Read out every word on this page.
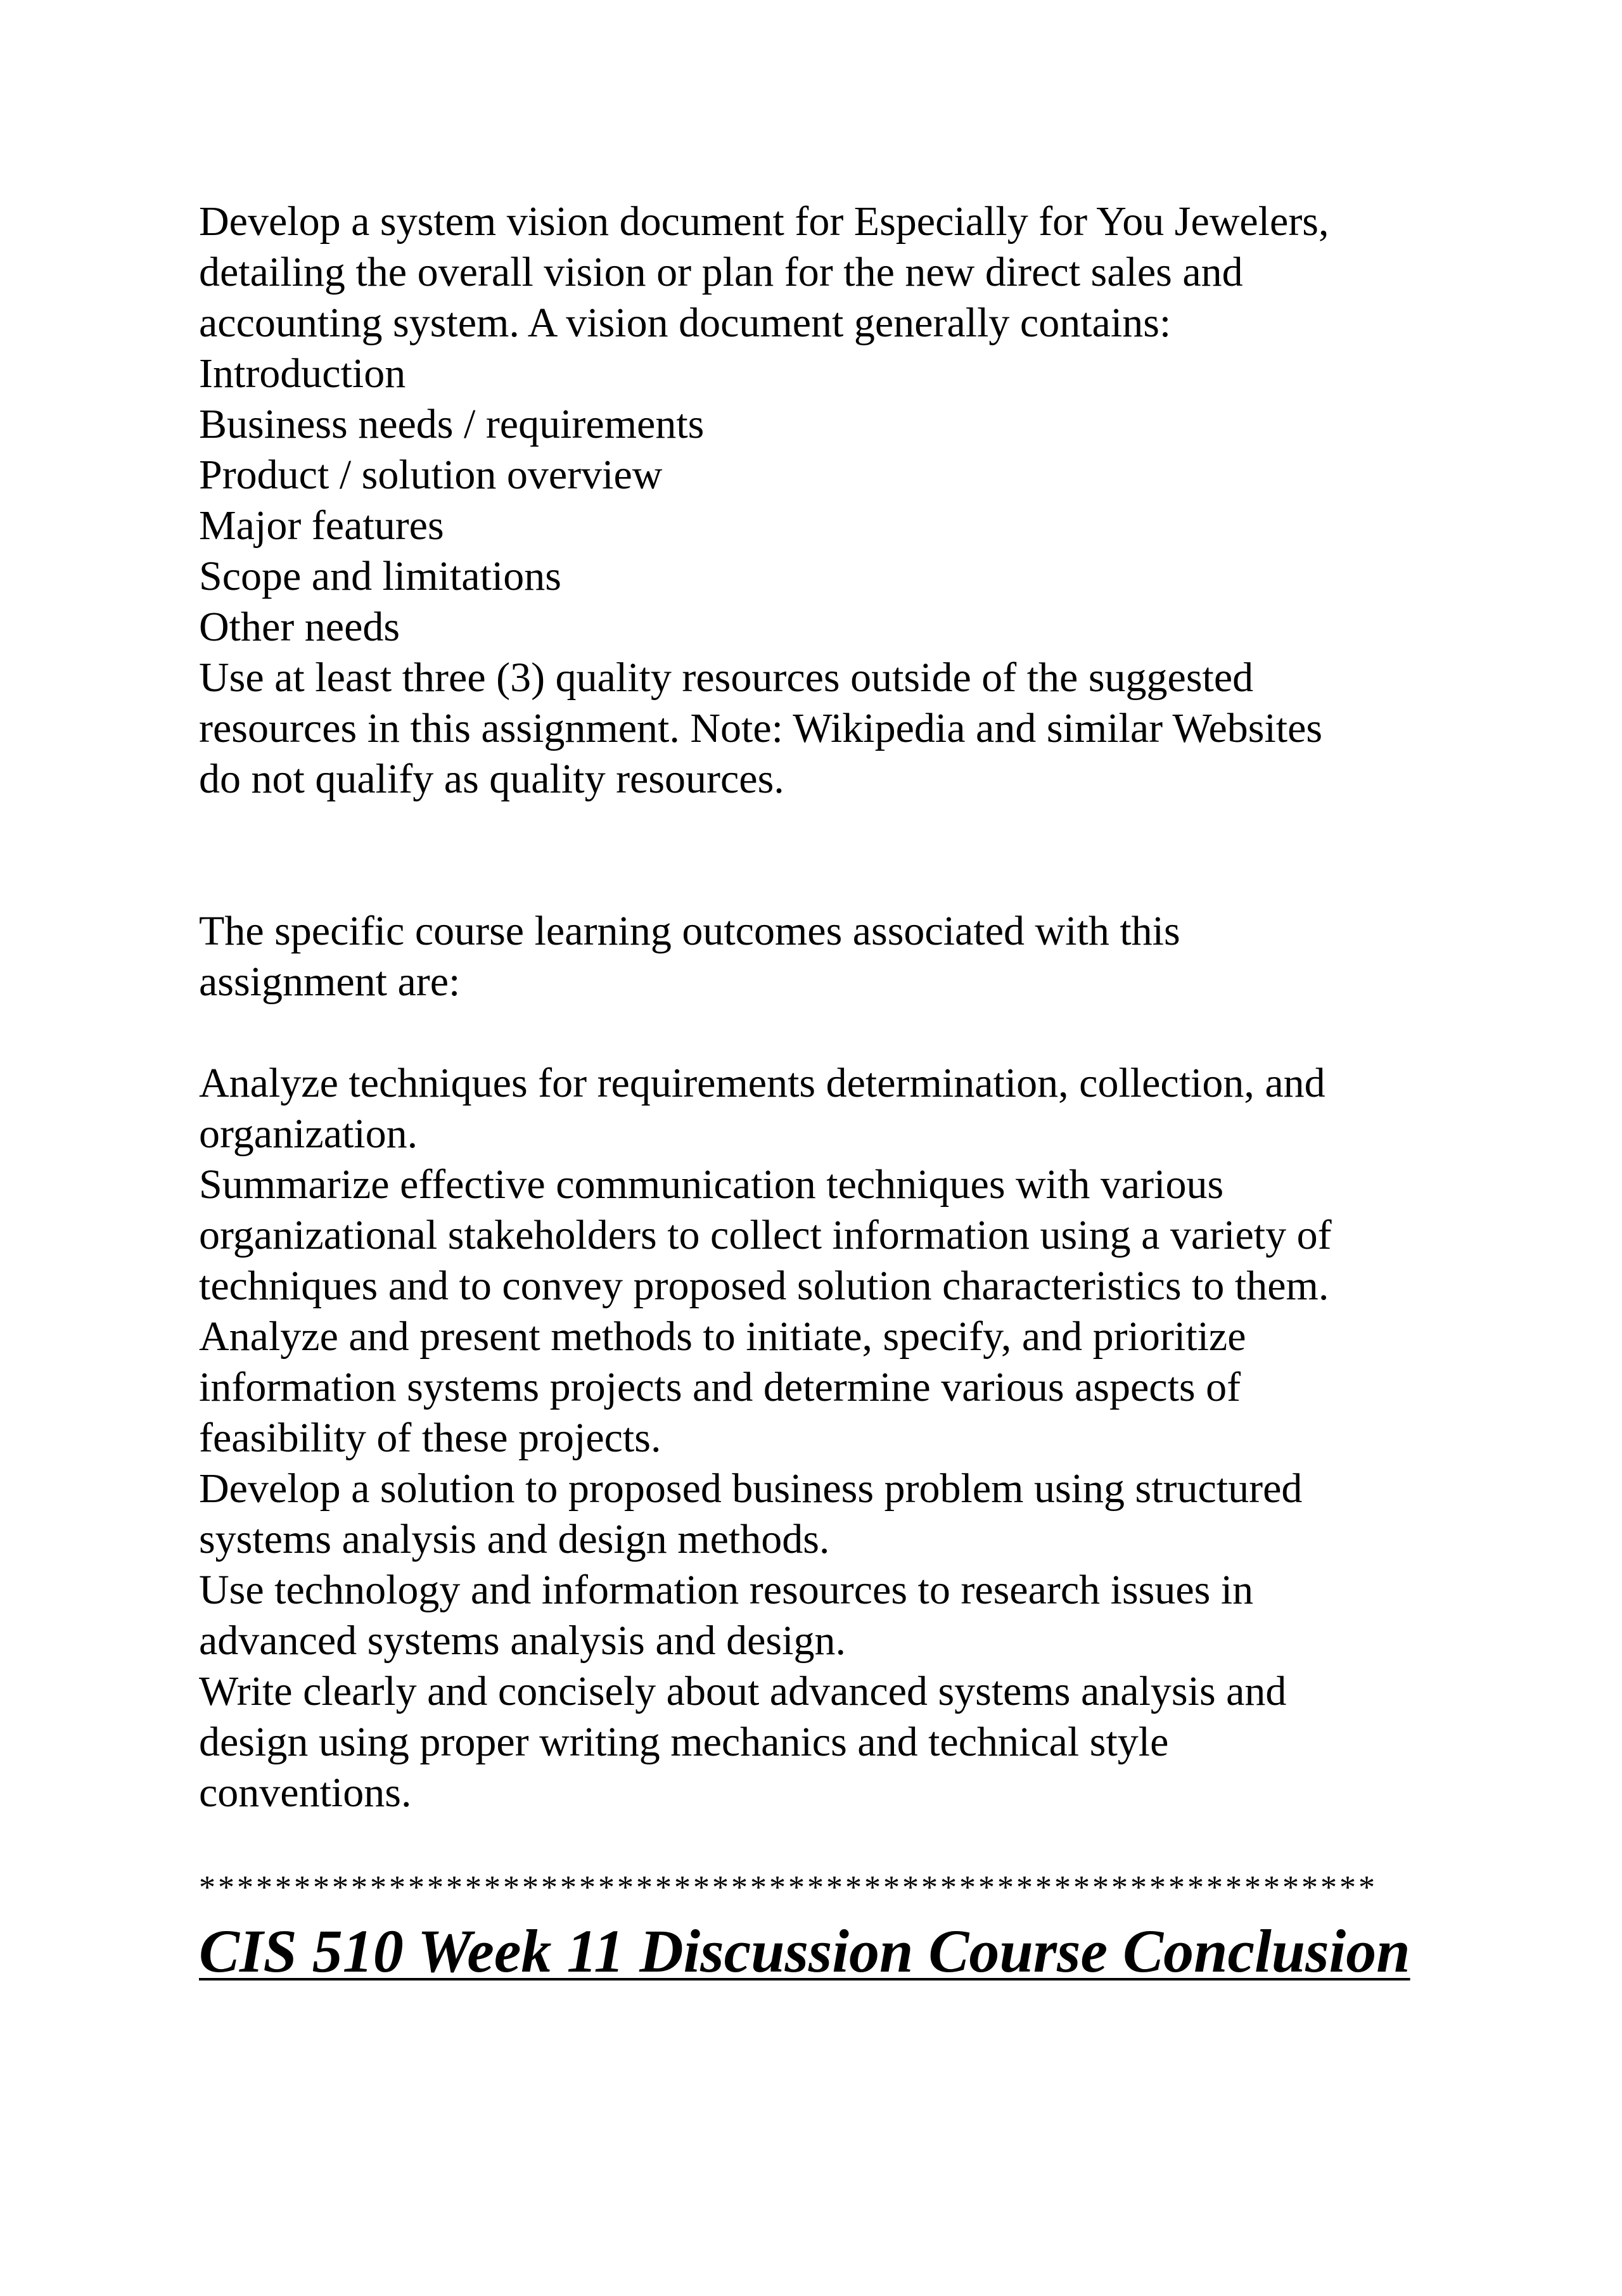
Develop a system vision document for Especially for You Jewelers,

detailing the overall vision or plan for the new direct sales and

accounting system. A vision document generally contains:

Introduction

Business needs / requirements

Product / solution overview

Major features

Scope and limitations

Other needs

Use at least three (3) quality resources outside of the suggested

resources in this assignment. Note: Wikipedia and similar Websites

do not qualify as quality resources.

The specific course learning outcomes associated with this

assignment are:

Analyze techniques for requirements determination, collection, and

organization.

Summarize effective communication techniques with various

organizational stakeholders to collect information using a variety of

techniques and to convey proposed solution characteristics to them.

Analyze and present methods to initiate, specify, and prioritize

information systems projects and determine various aspects of

feasibility of these projects.

Develop a solution to proposed business problem using structured

systems analysis and design methods.

Use technology and information resources to research issues in

advanced systems analysis and design.

Write clearly and concisely about advanced systems analysis and

design using proper writing mechanics and technical style

conventions.

**************************************************************

CIS 510 Week 11 Discussion Course Conclusion
